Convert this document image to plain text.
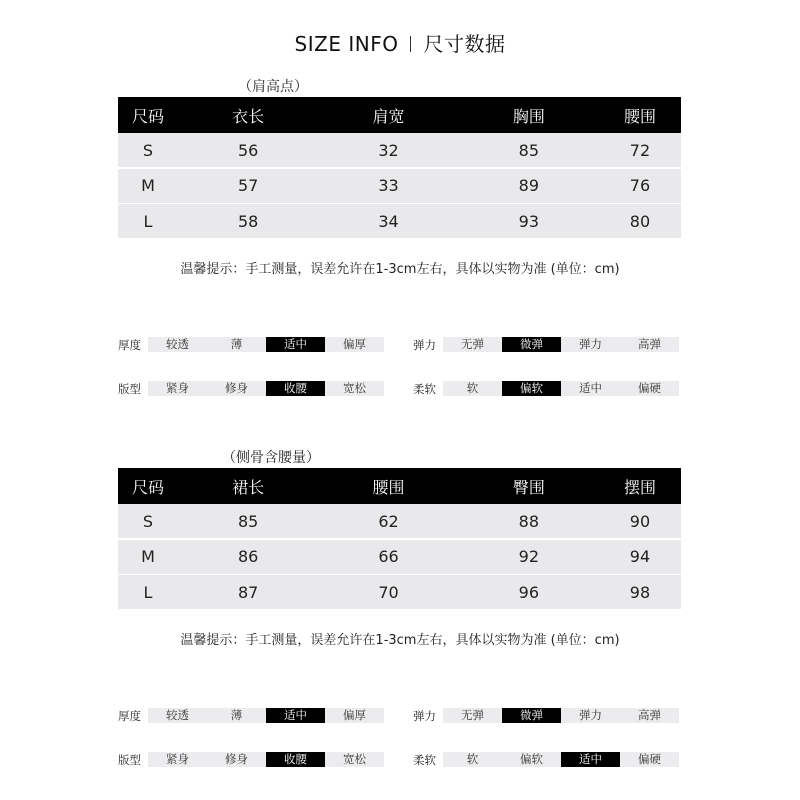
SIZE INFO 尺寸数据
（肩高点）
尺码	衣长	肩宽	胸围	腰围
S	56	32	85	72
M	57	33	89	76
L	58	34	93	80
温馨提示：手工测量，误差允许在1-3cm左右，具体以实物为准 (单位：cm)
厚度	较透	薄	适中	偏厚	弹力	无弹	微弹	弹力	高弹
版型	紧身	修身	收腰	宽松	柔软	软	偏软	适中	偏硬
（侧骨含腰量）
尺码	裙长	腰围	臀围	摆围
S	85	62	88	90
M	86	66	92	94
L	87	70	96	98
温馨提示：手工测量，误差允许在1-3cm左右，具体以实物为准 (单位：cm)
厚度	较透	薄	适中	偏厚	弹力	无弹	微弹	弹力	高弹
版型	紧身	修身	收腰	宽松	柔软	软	偏软	适中	偏硬
